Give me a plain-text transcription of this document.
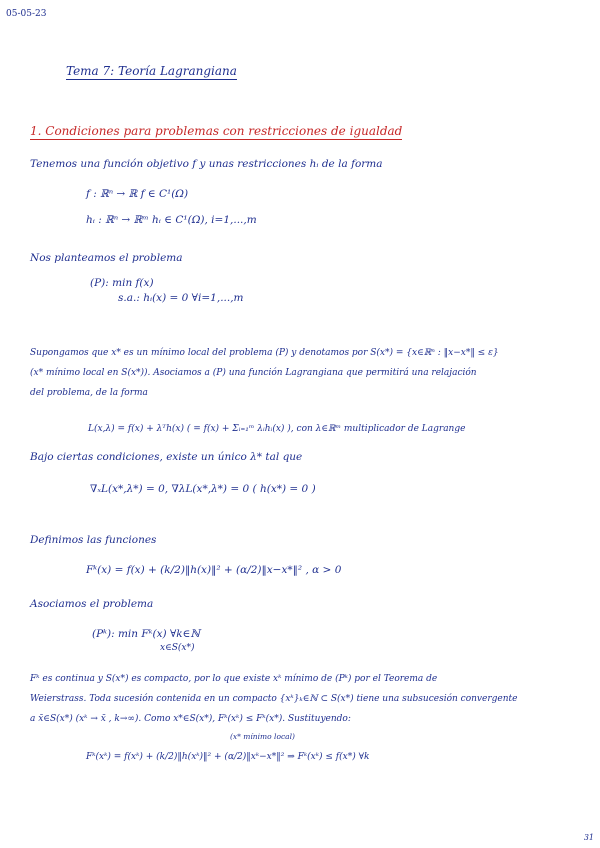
05-05-23
Tema 7: Teoría Lagrangiana
1. Condiciones para problemas con restricciones de igualdad
Tenemos una función objetivo f y unas restricciones hᵢ de la forma
f : ℝⁿ → ℝ f ∈ C¹(Ω)
hᵢ : ℝⁿ → ℝᵐ hᵢ ∈ C¹(Ω), i=1,...,m
Nos planteamos el problema
(P): min f(x)
s.a.: hᵢ(x) = 0 ∀i=1,...,m
Supongamos que x* es un mínimo local del problema (P) y denotamos por S(x*) = {x∈ℝⁿ : ‖x−x*‖ ≤ ε}
(x* mínimo local en S(x*)). Asociamos a (P) una función Lagrangiana que permitirá una relajación
del problema, de la forma
L(x,λ) = f(x) + λᵀh(x) ( = f(x) + Σᵢ₌₁ᵐ λᵢhᵢ(x) ), con λ∈ℝᵐ multiplicador de Lagrange
Bajo ciertas condiciones, existe un único λ* tal que
∇ₓL(x*,λ*) = 0, ∇λL(x*,λ*) = 0 ( h(x*) = 0 )
Definimos las funciones
Fᵏ(x) = f(x) + (k/2)‖h(x)‖² + (α/2)‖x−x*‖² , α > 0
Asociamos el problema
(Pᵏ): min Fᵏ(x) ∀k∈ℕ
x∈S(x*)
Fᵏ es continua y S(x*) es compacto, por lo que existe xᵏ mínimo de (Pᵏ) por el Teorema de
Weierstrass. Toda sucesión contenida en un compacto {xᵏ}ₖ∈ℕ ⊂ S(x*) tiene una subsucesión convergente
a x̄∈S(x*) (xᵏ → x̄ , k→∞). Como x*∈S(x*), Fᵏ(xᵏ) ≤ Fᵏ(x*). Sustituyendo:
(x* mínimo local)
Fᵏ(xᵏ) = f(xᵏ) + (k/2)‖h(xᵏ)‖² + (α/2)‖xᵏ−x*‖² ⇒ Fᵏ(xᵏ) ≤ f(x*) ∀k
31
